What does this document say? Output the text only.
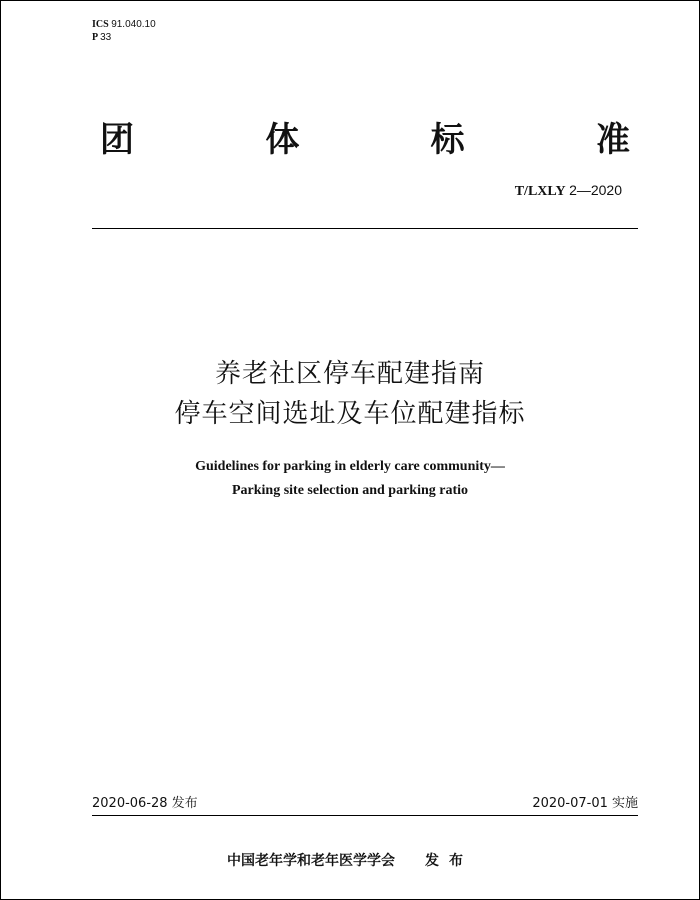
ICS 91.040.10
P 33
团	体	标	准
T/LXLY 2—2020
养老社区停车配建指南
停车空间选址及车位配建指标
Guidelines for parking in elderly care community—
Parking site selection and parking ratio
2020-06-28 发布	2020-07-01 实施
中国老年学和老年医学学会 发布
